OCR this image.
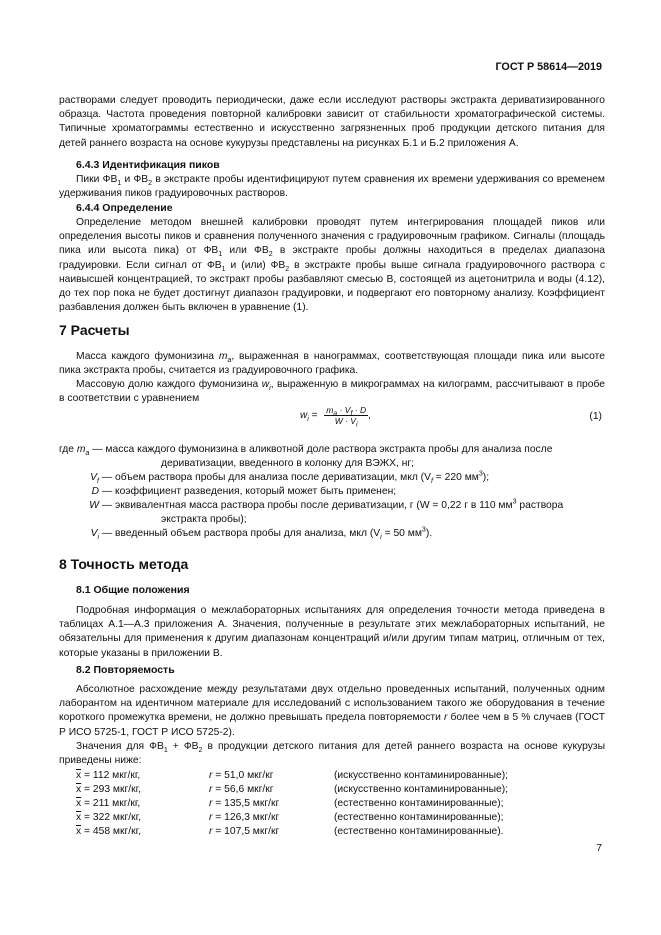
ГОСТ Р 58614—2019
растворами следует проводить периодически, даже если исследуют растворы экстракта дериватизированного образца. Частота проведения повторной калибровки зависит от стабильности хроматографической системы. Типичные хроматограммы естественно и искусственно загрязненных проб продукции детского питания для детей раннего возраста на основе кукурузы представлены на рисунках Б.1 и Б.2 приложения А.
6.4.3 Идентификация пиков
Пики $ФВ_1$ и $ФВ_2$ в экстракте пробы идентифицируют путем сравнения их времени удерживания со временем удерживания пиков градуировочных растворов.
6.4.4 Определение
Определение методом внешней калибровки проводят путем интегрирования площадей пиков или определения высоты пиков и сравнения полученного значения с градуировочным графиком. Сигналы (площадь пика или высота пика) от $ФВ_1$ или $ФВ_2$ в экстракте пробы должны находиться в пределах диапазона градуировки. Если сигнал от $ФВ_1$ и (или) $ФВ_2$ в экстракте пробы выше сигнала градуировочного раствора с наивысшей концентрацией, то экстракт пробы разбавляют смесью В, состоящей из ацетонитрила и воды (4.12), до тех пор пока не будет достигнут диапазон градуировки, и подвергают его повторному анализу. Коэффициент разбавления должен быть включен в уравнение (1).
7 Расчеты
Масса каждого фумонизина $m_a$, выраженная в нанограммах, соответствующая площади пика или высоте пика экстракта пробы, считается из градуировочного графика.
Массовую долю каждого фумонизина $w_i$, выраженную в микрограммах на килограмм, рассчитывают в пробе в соответствии с уравнением
$w_i = \frac{m_a \cdot V_f \cdot D}{W \cdot V_i}$ ,	(1)
где $m_a$ — масса каждого фумонизина в аликвотной доле раствора экстракта пробы для анализа после
дериватизации, введенного в колонку для ВЭЖХ, нг;
$V_f$ — объем раствора пробы для анализа после дериватизации, мкл ($V_f = 220$ $мм^3$);
D — коэффициент разведения, который может быть применен;
W — эквивалентная масса раствора пробы после дериватизации, г (W = 0,22 г в 110 $мм^3$ раствора
экстракта пробы);
$V_i$ — введенный объем раствора пробы для анализа, мкл ($V_i = 50$ $мм^3$).
8 Точность метода
8.1 Общие положения
Подробная информация о межлабораторных испытаниях для определения точности метода приведена в таблицах А.1—А.3 приложения А. Значения, полученные в результате этих межлабораторных испытаний, не обязательны для применения к другим диапазонам концентраций и/или другим типам матриц, отличным от тех, которые указаны в приложении В.
8.2 Повторяемость
Абсолютное расхождение между результатами двух отдельно проведенных испытаний, полученных одним лаборантом на идентичном материале для исследований с использованием такого же оборудования в течение короткого промежутка времени, не должно превышать предела повторяемости r более чем в 5 % случаев (ГОСТ Р ИСО 5725-1, ГОСТ Р ИСО 5725-2).
Значения для $ФВ_1 + ФВ_2$ в продукции детского питания для детей раннего возраста на основе кукурузы приведены ниже:
$\overline{x} = 112$ мкг/кг,	r = 51,0 мкг/кг	(искусственно контаминированные);
$\overline{x} = 293$ мкг/кг,	r = 56,6 мкг/кг	(искусственно контаминированные);
$\overline{x} = 211$ мкг/кг,	r = 135,5 мкг/кг	(естественно контаминированные);
$\overline{x} = 322$ мкг/кг,	r = 126,3 мкг/кг	(естественно контаминированные);
$\overline{x} = 458$ мкг/кг,	r = 107,5 мкг/кг	(естественно контаминированные).
7
